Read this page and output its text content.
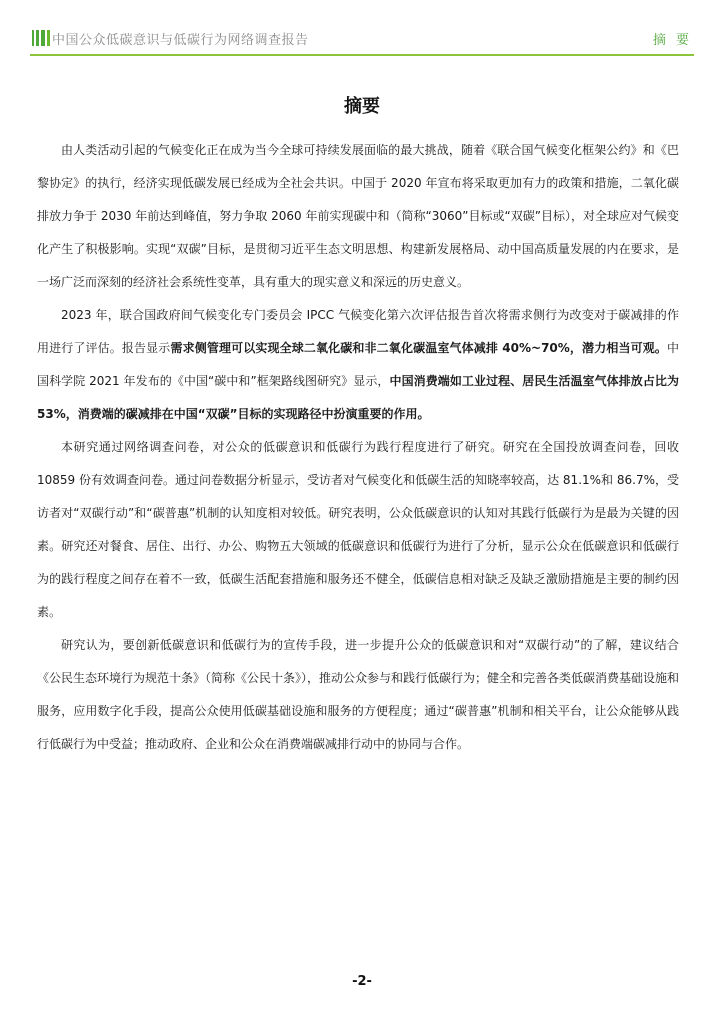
中国公众低碳意识与低碳行为网络调查报告	摘 要
摘要

由人类活动引起的气候变化正在成为当今全球可持续发展面临的最大挑战，随着《联合国气候变化框架公约》和《巴黎协定》的执行，经济实现低碳发展已经成为全社会共识。中国于 2020 年宣布将采取更加有力的政策和措施，二氧化碳排放力争于 2030 年前达到峰值，努力争取 2060 年前实现碳中和（简称“3060”目标或“双碳”目标），对全球应对气候变化产生了积极影响。实现“双碳”目标，是贯彻习近平生态文明思想、构建新发展格局、动中国高质量发展的内在要求，是一场广泛而深刻的经济社会系统性变革，具有重大的现实意义和深远的历史意义。

2023 年，联合国政府间气候变化专门委员会 IPCC 气候变化第六次评估报告首次将需求侧行为改变对于碳减排的作用进行了评估。报告显示需求侧管理可以实现全球二氧化碳和非二氧化碳温室气体减排 40%~70%，潜力相当可观。中国科学院 2021 年发布的《中国“碳中和”框架路线图研究》显示，中国消费端如工业过程、居民生活温室气体排放占比为 53%，消费端的碳减排在中国“双碳”目标的实现路径中扮演重要的作用。

本研究通过网络调查问卷，对公众的低碳意识和低碳行为践行程度进行了研究。研究在全国投放调查问卷，回收 10859 份有效调查问卷。通过问卷数据分析显示，受访者对气候变化和低碳生活的知晓率较高，达 81.1%和 86.7%，受访者对“双碳行动”和“碳普惠”机制的认知度相对较低。研究表明，公众低碳意识的认知对其践行低碳行为是最为关键的因素。研究还对餐食、居住、出行、办公、购物五大领域的低碳意识和低碳行为进行了分析，显示公众在低碳意识和低碳行为的践行程度之间存在着不一致，低碳生活配套措施和服务还不健全，低碳信息相对缺乏及缺乏激励措施是主要的制约因素。

研究认为，要创新低碳意识和低碳行为的宣传手段，进一步提升公众的低碳意识和对“双碳行动”的了解，建议结合《公民生态环境行为规范十条》（简称《公民十条》），推动公众参与和践行低碳行为；健全和完善各类低碳消费基础设施和服务，应用数字化手段，提高公众使用低碳基础设施和服务的方便程度；通过“碳普惠”机制和相关平台，让公众能够从践行低碳行为中受益；推动政府、企业和公众在消费端碳减排行动中的协同与合作。

-2-
